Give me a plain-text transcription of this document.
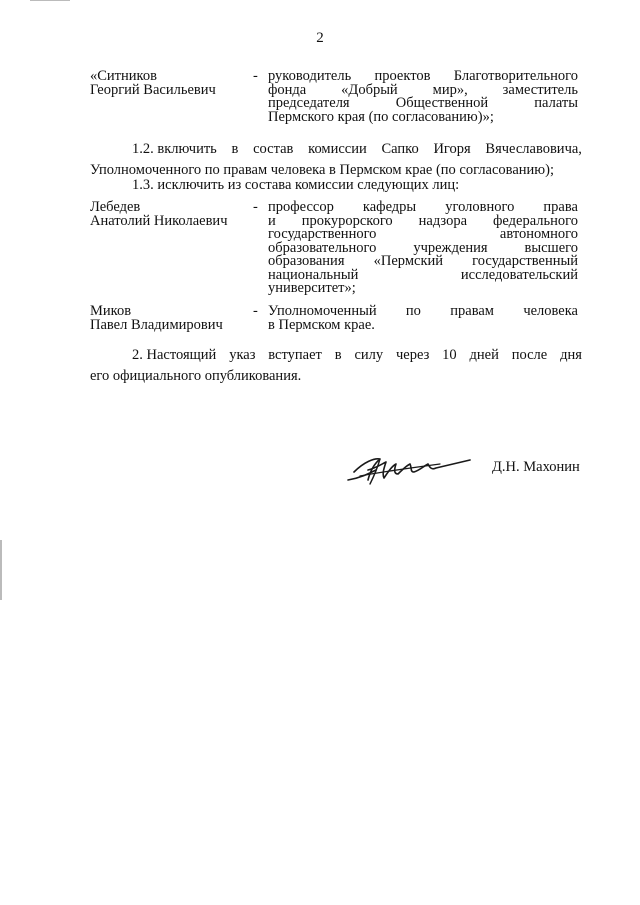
2
«Ситников
Георгий Васильевич
- руководитель проектов Благотворительного
фонда «Добрый мир», заместитель
председателя	Общественной	палаты
Пермского края (по согласованию)»;
1.2. включить в состав комиссии Сапко Игоря Вячеславовича,
Уполномоченного по правам человека в Пермском крае (по согласованию);
1.3. исключить из состава комиссии следующих лиц:
Лебедев
Анатолий Николаевич
- профессор кафедры уголовного права
и прокурорского надзора федерального
государственного	автономного
образовательного	учреждения	высшего
образования «Пермский государственный
национальный	исследовательский
университет»;
Миков
Павел Владимирович
- Уполномоченный по правам человека
в Пермском крае.
2. Настоящий указ вступает в силу через 10 дней после дня
его официального опубликования.
Д.Н. Махонин
